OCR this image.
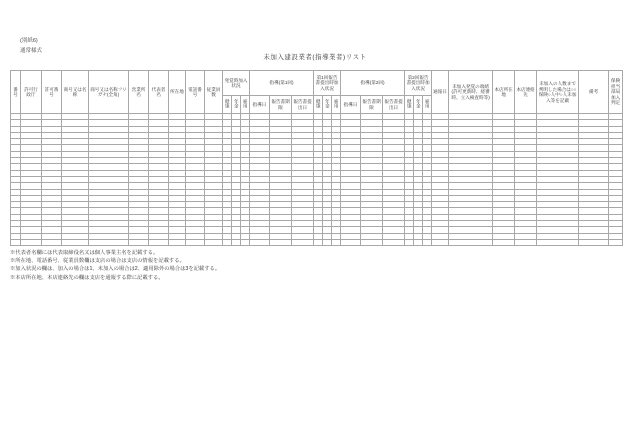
(別紙6)
通常様式
未加入建設業者(指導業者)リスト
番号	許可行政庁	許可番号	商号又は名称	商号又は名称フリガナ(全角)	営業所名	代表者名	所在地	電話番号	従業員数	発覚時加入状況			指導(第1回)			第1回報告書提出時加入状況			指導(第2回)			第2回報告書提出時加入状況			通報日	未加入発覚の端緒(許可更新時、経審時、立入検査時等)	本店所在地	本店連絡先	未加入の人数まで判明した場合は○○保険○人中○人未加入等を記載	備考	保険担当部局加入判定
										健康	年金	雇用	指導日	報告書期限	報告書提出日	健康	年金	雇用	指導日	報告書期限	報告書提出日	健康	年金	雇用							

※代表者名欄には代表取締役名又は個人事業主名を記載する。
※所在地、電話番号、従業員数欄は支店の場合は支店の情報を記載する。
※加入状況の欄は、加入の場合は1、未加入の場合は2、適用除外の場合は3を記載する。
※本店所在地、本店連絡先の欄は支店を通報する際に記載する。
